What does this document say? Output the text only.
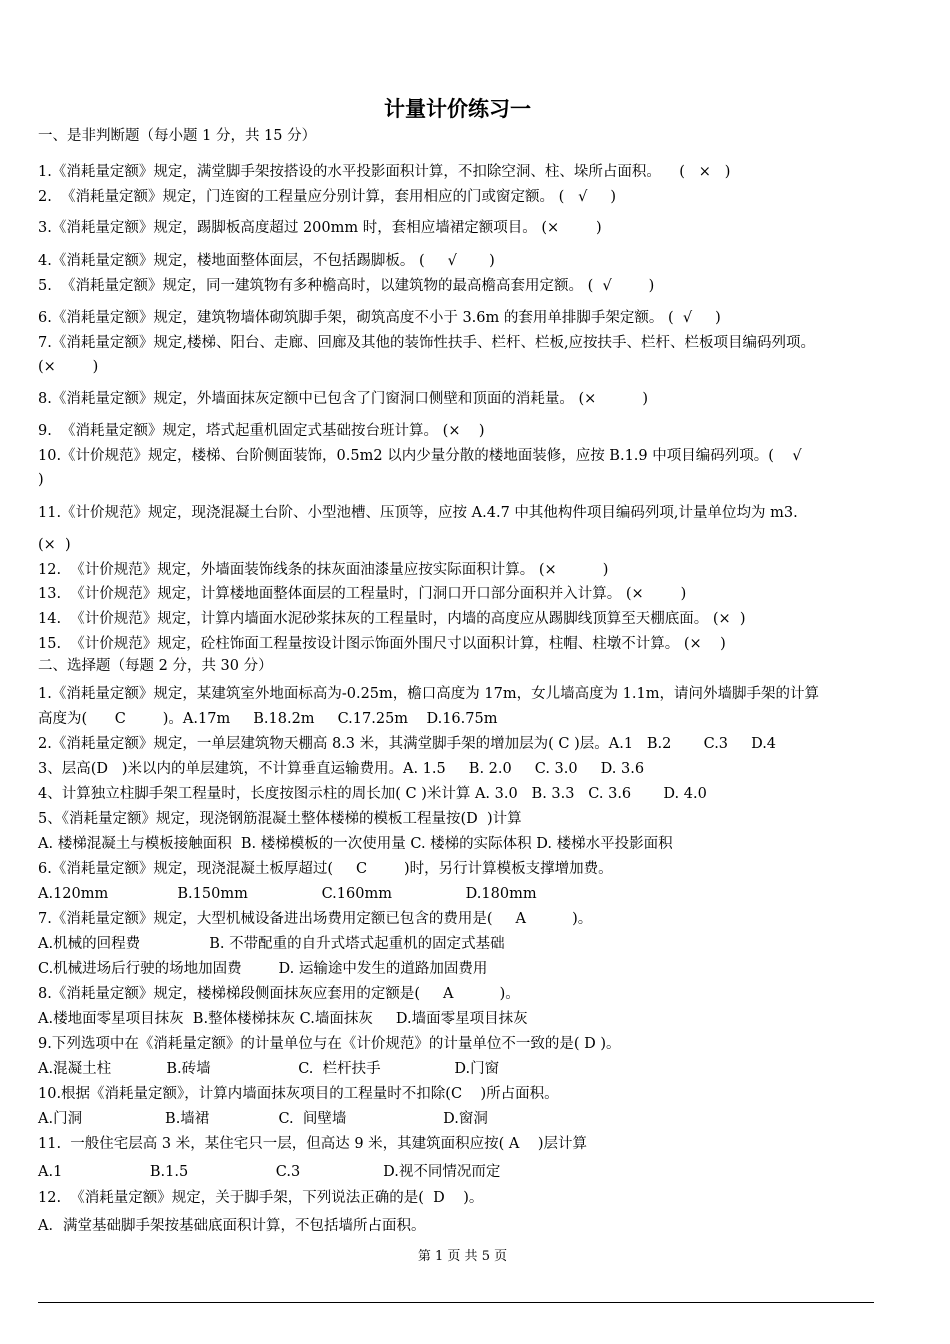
计量计价练习一
一、是非判断题（每小题 1 分，共 15 分）
1.《消耗量定额》规定，满堂脚手架按搭设的水平投影面积计算，不扣除空洞、柱、垛所占面积。    (   ×   )
2.  《消耗量定额》规定，门连窗的工程量应分别计算，套用相应的门或窗定额。 (   √     )
3.《消耗量定额》规定，踢脚板高度超过 200mm 时，套相应墙裙定额项目。 (×        )
4.《消耗量定额》规定，楼地面整体面层，不包括踢脚板。 (     √       )
5.  《消耗量定额》规定，同一建筑物有多种檐高时，以建筑物的最高檐高套用定额。 (  √        )
6.《消耗量定额》规定，建筑物墙体砌筑脚手架，砌筑高度不小于 3.6m 的套用单排脚手架定额。 (  √     )
7.《消耗量定额》规定,楼梯、阳台、走廊、回廊及其他的装饰性扶手、栏杆、栏板,应按扶手、栏杆、栏板项目编码列项。
(×        )
8.《消耗量定额》规定，外墙面抹灰定额中已包含了门窗洞口侧壁和顶面的消耗量。 (×          )
9.  《消耗量定额》规定，塔式起重机固定式基础按台班计算。 (×    )
10.《计价规范》规定，楼梯、台阶侧面装饰，0.5m2 以内少量分散的楼地面装修，应按 B.1.9 中项目编码列项。(    √
)
11.《计价规范》规定，现浇混凝土台阶、小型池槽、压顶等，应按 A.4.7 中其他构件项目编码列项,计量单位均为 m3.
(×  )
12.  《计价规范》规定，外墙面装饰线条的抹灰面油漆量应按实际面积计算。 (×          )
13.  《计价规范》规定，计算楼地面整体面层的工程量时，门洞口开口部分面积并入计算。 (×        )
14.  《计价规范》规定，计算内墙面水泥砂浆抹灰的工程量时，内墙的高度应从踢脚线顶算至天棚底面。 (×  )
15.  《计价规范》规定，砼柱饰面工程量按设计图示饰面外围尺寸以面积计算，柱帽、柱墩不计算。 (×    )
二、选择题（每题 2 分，共 30 分）
1.《消耗量定额》规定，某建筑室外地面标高为-0.25m，檐口高度为 17m，女儿墙高度为 1.1m，请问外墙脚手架的计算
高度为(      C        )。A.17m     B.18.2m     C.17.25m    D.16.75m
2.《消耗量定额》规定，一单层建筑物天棚高 8.3 米，其满堂脚手架的增加层为( C )层。A.1   B.2       C.3     D.4
3、层高(D   )米以内的单层建筑，不计算垂直运输费用。A. 1.5     B. 2.0     C. 3.0     D. 3.6
4、计算独立柱脚手架工程量时，长度按图示柱的周长加( C )米计算 A. 3.0   B. 3.3   C. 3.6       D. 4.0
5、《消耗量定额》规定，现浇钢筋混凝土整体楼梯的模板工程量按(D  )计算
A. 楼梯混凝土与模板接触面积  B. 楼梯模板的一次使用量 C. 楼梯的实际体积 D. 楼梯水平投影面积
6.《消耗量定额》规定，现浇混凝土板厚超过(     C        )时，另行计算模板支撑增加费。
A.120mm               B.150mm                C.160mm                D.180mm
7.《消耗量定额》规定，大型机械设备进出场费用定额已包含的费用是(     A          )。
A.机械的回程费               B. 不带配重的自升式塔式起重机的固定式基础
C.机械进场后行驶的场地加固费        D. 运输途中发生的道路加固费用
8.《消耗量定额》规定，楼梯梯段侧面抹灰应套用的定额是(     A          )。
A.楼地面零星项目抹灰  B.整体楼梯抹灰 C.墙面抹灰     D.墙面零星项目抹灰
9.下列选项中在《消耗量定额》的计量单位与在《计价规范》的计量单位不一致的是( D )。
A.混凝土柱            B.砖墙                   C.  栏杆扶手                D.门窗
10.根据《消耗量定额》，计算内墙面抹灰项目的工程量时不扣除(C    )所占面积。
A.门洞                  B.墙裙               C.  间壁墙                     D.窗洞
11.  一般住宅层高 3 米，某住宅只一层，但高达 9 米，其建筑面积应按( A    )层计算
A.1                   B.1.5                   C.3                  D.视不同情况而定
12.  《消耗量定额》规定，关于脚手架，下列说法正确的是(  D    )。
A．满堂基础脚手架按基础底面积计算，不包括墙所占面积。
第 1 页 共 5 页
